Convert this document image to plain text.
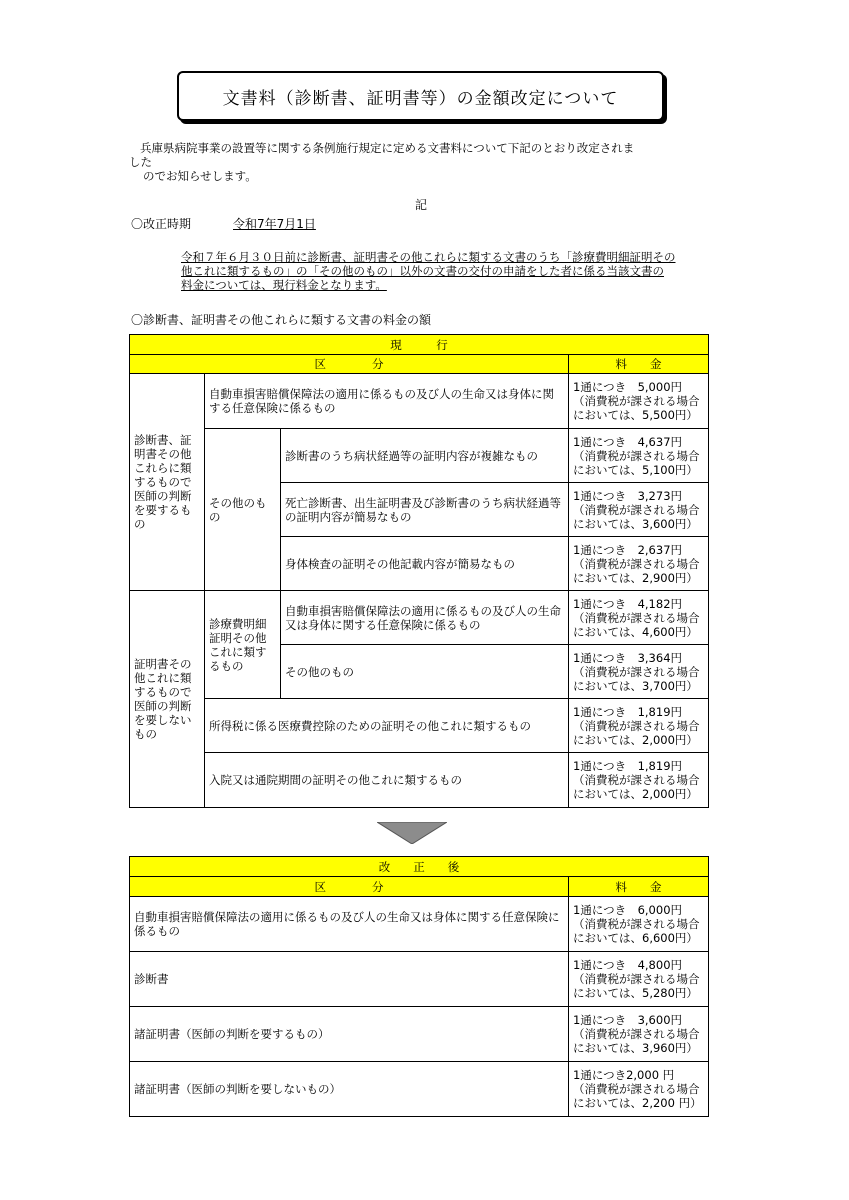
文書料（診断書、証明書等）の金額改定について
兵庫県病院事業の設置等に関する条例施行規定に定める文書料について下記のとおり改定されま
した
のでお知らせします。
記
〇改正時期	令和7年7月1日
令和７年６月３０日前に診断書、証明書その他これらに類する文書のうち「診療費明細証明その
他これに類するもの」の「その他のもの」以外の文書の交付の申請をした者に係る当該文書の
料金については、現行料金となります。
〇診断書、証明書その他これらに類する文書の料金の額
現　　　行			
区　　　　分			料　　金
診断書、証明書その他これらに類するもので医師の判断を要するもの	自動車損害賠償保障法の適用に係るもの及び人の生命又は身体に関する任意保険に係るもの		1通につき　5,000円
（消費税が課される場合
においては、5,500円）

	その他のもの	診断書のうち病状経過等の証明内容が複雑なもの	1通につき　4,637円
（消費税が課される場合
においては、5,100円）

		死亡診断書、出生証明書及び診断書のうち病状経過等の証明内容が簡易なもの	1通につき　3,273円
（消費税が課される場合
においては、3,600円）

		身体検査の証明その他記載内容が簡易なもの	1通につき　2,637円
（消費税が課される場合
においては、2,900円）

証明書その他これに類するもので医師の判断を要しないもの	診療費明細証明その他これに類するもの	自動車損害賠償保障法の適用に係るもの及び人の生命又は身体に関する任意保険に係るもの	1通につき　4,182円
（消費税が課される場合
においては、4,600円）

		その他のもの	1通につき　3,364円
（消費税が課される場合
においては、3,700円）

	所得税に係る医療費控除のための証明その他これに類するもの		1通につき　1,819円
（消費税が課される場合
においては、2,000円）

	入院又は通院期間の証明その他これに類するもの		1通につき　1,819円
（消費税が課される場合
においては、2,000円）
改　　正　　後	
区　　　　分	料　　金
自動車損害賠償保障法の適用に係るもの及び人の生命又は身体に関する任意保険に係るもの	1通につき　6,000円
（消費税が課される場合
においては、6,600円）

診断書	1通につき　4,800円
（消費税が課される場合
においては、5,280円）

諸証明書（医師の判断を要するもの）	1通につき　3,600円
（消費税が課される場合
においては、3,960円）

諸証明書（医師の判断を要しないもの）	1通につき2,000 円
（消費税が課される場合
においては、2,200 円）
